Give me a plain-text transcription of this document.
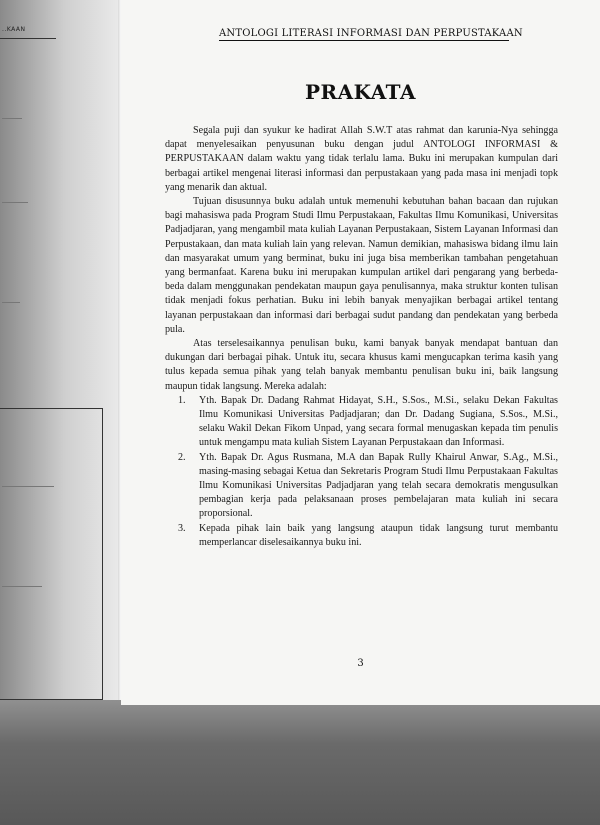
..KAAN	ANTOLOGI LITERASI INFORMASI DAN PERPUSTAKAAN
PRAKATA

Segala puji dan syukur ke hadirat Allah S.W.T atas rahmat dan karunia-Nya sehingga dapat menyelesaikan penyusunan buku dengan judul ANTOLOGI INFORMASI & PERPUSTAKAAN dalam waktu yang tidak terlalu lama. Buku ini merupakan kumpulan dari berbagai artikel mengenai literasi informasi dan perpustakaan yang pada masa ini menjadi topk yang menarik dan aktual.

Tujuan disusunnya buku adalah untuk memenuhi kebutuhan bahan bacaan dan rujukan bagi mahasiswa pada Program Studi Ilmu Perpustakaan, Fakultas Ilmu Komunikasi, Universitas Padjadjaran, yang mengambil mata kuliah Layanan Perpustakaan, Sistem Layanan Informasi dan Perpustakaan, dan mata kuliah lain yang relevan. Namun demikian, mahasiswa bidang ilmu lain dan masyarakat umum yang berminat, buku ini juga bisa memberikan tambahan pengetahuan yang bermanfaat. Karena buku ini merupakan kumpulan artikel dari pengarang yang berbeda-beda dalam menggunakan pendekatan maupun gaya penulisannya, maka struktur konten tulisan tidak menjadi fokus perhatian. Buku ini lebih banyak menyajikan berbagai artikel tentang layanan perpustakaan dan informasi dari berbagai sudut pandang dan pendekatan yang berbeda pula.

Atas terselesaikannya penulisan buku, kami banyak banyak mendapat bantuan dan dukungan dari berbagai pihak. Untuk itu, secara khusus kami mengucapkan terima kasih yang tulus kepada semua pihak yang telah banyak membantu penulisan buku ini, baik langsung maupun tidak langsung. Mereka adalah:

1. Yth. Bapak Dr. Dadang Rahmat Hidayat, S.H., S.Sos., M.Si., selaku Dekan Fakultas Ilmu Komunikasi Universitas Padjadjaran; dan Dr. Dadang Sugiana, S.Sos., M.Si., selaku Wakil Dekan Fikom Unpad, yang secara formal menugaskan kepada tim penulis untuk mengampu mata kuliah Sistem Layanan Perpustakaan dan Informasi.
2. Yth. Bapak Dr. Agus Rusmana, M.A dan Bapak Rully Khairul Anwar, S.Ag., M.Si., masing-masing sebagai Ketua dan Sekretaris Program Studi Ilmu Perpustakaan Fakultas Ilmu Komunikasi Universitas Padjadjaran yang telah secara demokratis mengusulkan pembagian kerja pada pelaksanaan proses pembelajaran mata kuliah ini secara proporsional.
3. Kepada pihak lain baik yang langsung ataupun tidak langsung turut membantu memperlancar diselesaikannya buku ini.
3
